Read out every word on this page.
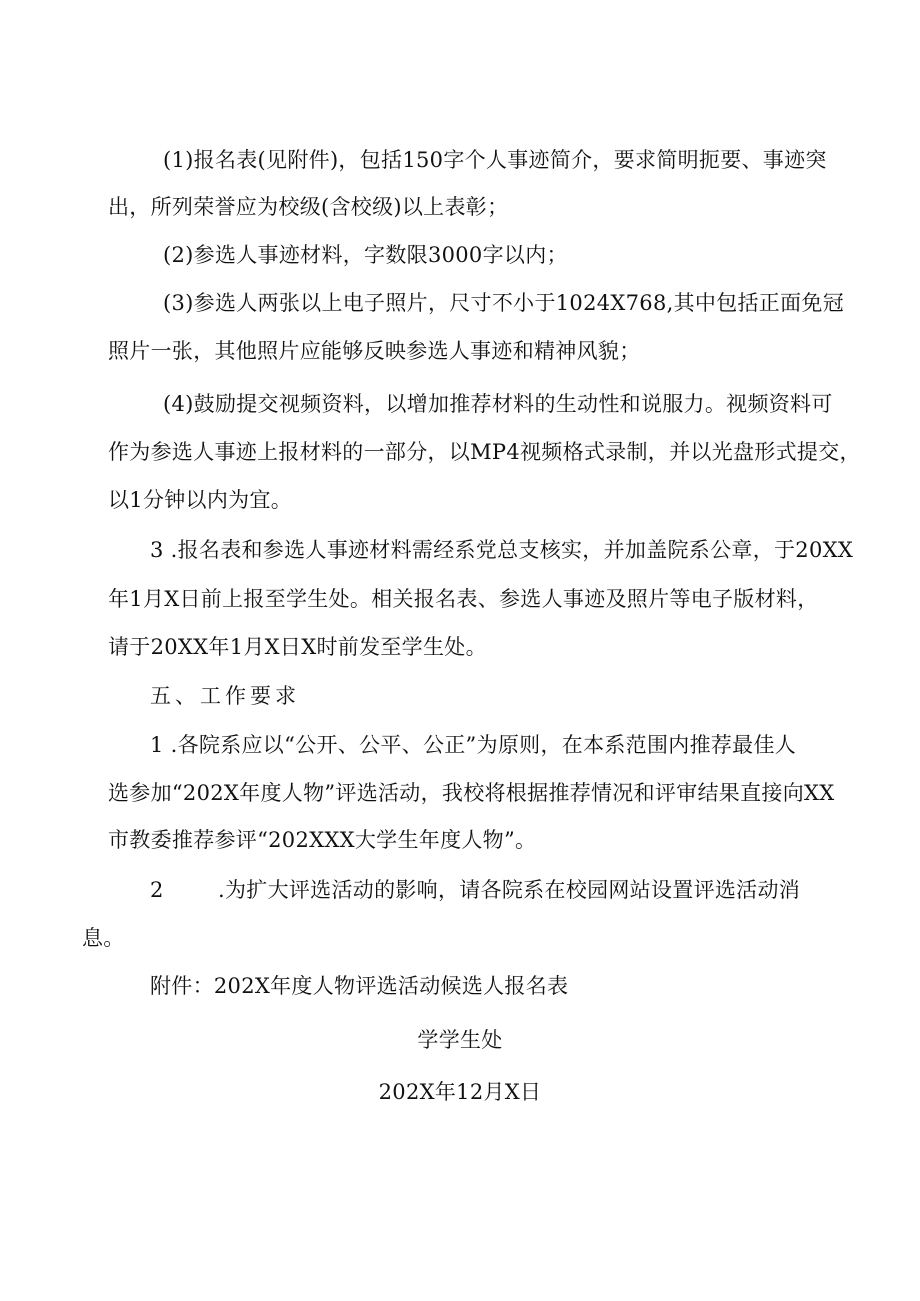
(1)报名表(见附件)，包括150字个人事迹简介，要求简明扼要、事迹突
出，所列荣誉应为校级(含校级)以上表彰；
(2)参选人事迹材料，字数限3000字以内；
(3)参选人两张以上电子照片，尺寸不小于1024X768,其中包括正面免冠
照片一张，其他照片应能够反映参选人事迹和精神风貌；
(4)鼓励提交视频资料，以增加推荐材料的生动性和说服力。视频资料可
作为参选人事迹上报材料的一部分，以MP4视频格式录制，并以光盘形式提交，
以1分钟以内为宜。
3 .报名表和参选人事迹材料需经系党总支核实，并加盖院系公章，于20XX
年1月X日前上报至学生处。相关报名表、参选人事迹及照片等电子版材料，
请于20XX年1月X日X时前发至学生处。
五、工作要求
1 .各院系应以“公开、公平、公正”为原则，在本系范围内推荐最佳人
选参加“202X年度人物”评选活动，我校将根据推荐情况和评审结果直接向XX
市教委推荐参评“202XXX大学生年度人物”。
2	.为扩大评选活动的影响，请各院系在校园网站设置评选活动消
息。
附件：202X年度人物评选活动候选人报名表
学学生处
202X年12月X日
